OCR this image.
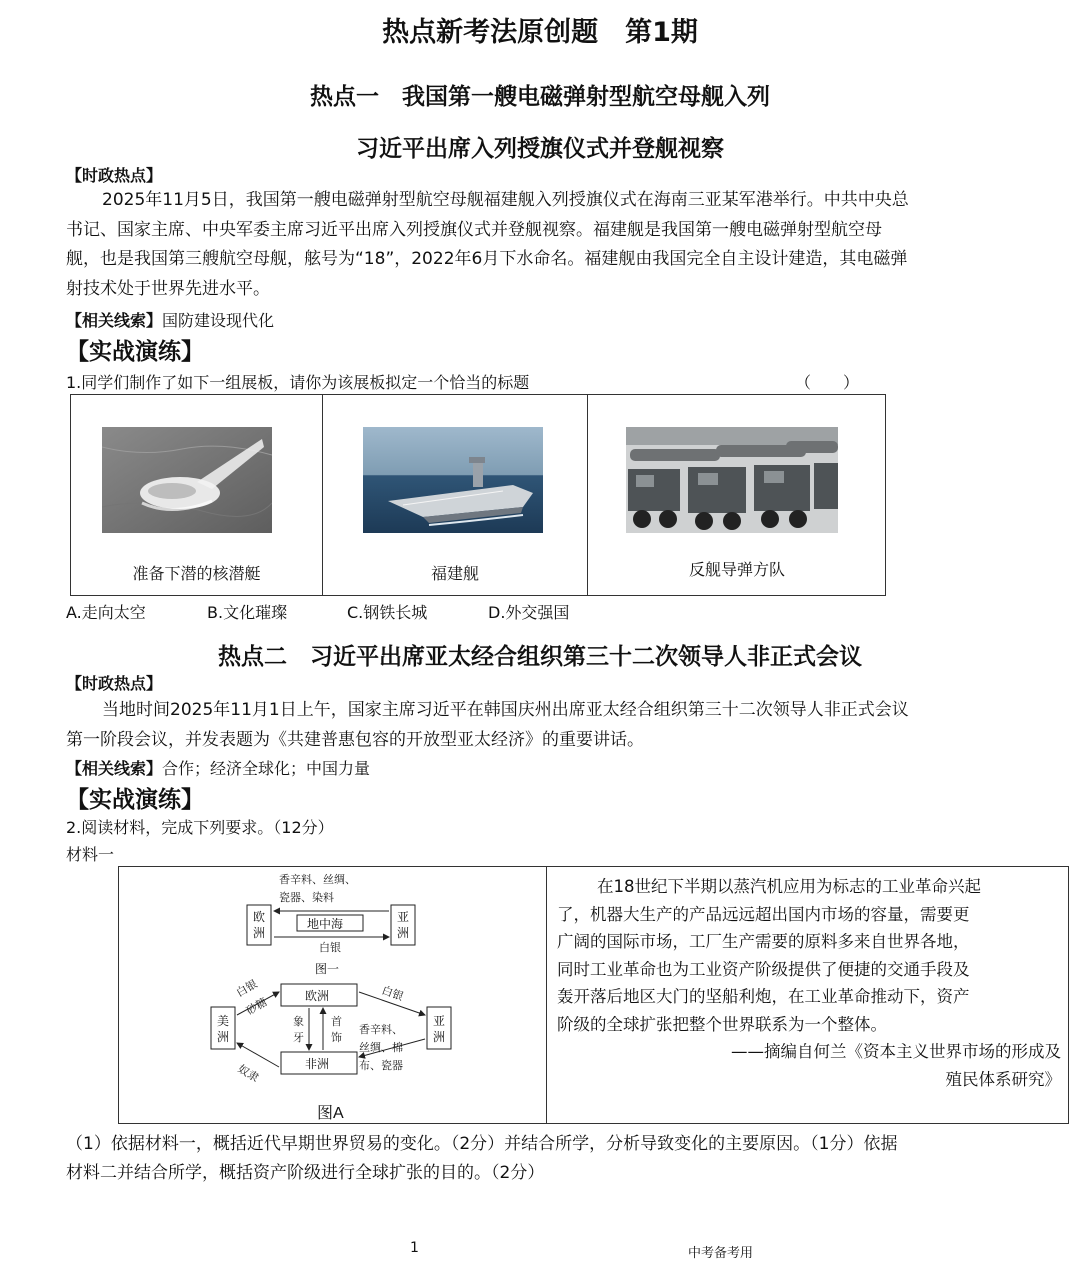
热点新考法原创题　第1期
热点一　我国第一艘电磁弹射型航空母舰入列
习近平出席入列授旗仪式并登舰视察
【时政热点】
2025年11月5日，我国第一艘电磁弹射型航空母舰福建舰入列授旗仪式在海南三亚某军港举行。中共中央总
书记、国家主席、中央军委主席习近平出席入列授旗仪式并登舰视察。福建舰是我国第一艘电磁弹射型航空母
舰，也是我国第三艘航空母舰，舷号为“18”，2022年6月下水命名。福建舰由我国完全自主设计建造，其电磁弹
射技术处于世界先进水平。
【相关线索】国防建设现代化
【实战演练】
1.同学们制作了如下一组展板，请你为该展板拟定一个恰当的标题	（　　）
准备下潜的核潜艇	福建舰	反舰导弹方队
A.走向太空	B.文化璀璨	C.钢铁长城	D.外交强国
热点二　习近平出席亚太经合组织第三十二次领导人非正式会议
【时政热点】
当地时间2025年11月1日上午，国家主席习近平在韩国庆州出席亚太经合组织第三十二次领导人非正式会议
第一阶段会议，并发表题为《共建普惠包容的开放型亚太经济》的重要讲话。
【相关线索】合作；经济全球化；中国力量
【实战演练】
2.阅读材料，完成下列要求。（12分）
材料一
香辛料、丝绸、
瓷器、染料
欧
洲
亚
洲
地中海
白银
图一
欧洲
非洲
美
洲
亚
洲
白银
砂糖
白银
奴隶
象
牙
首
饰
香辛料、
丝绸、棉
布、瓷器
图A
在18世纪下半期以蒸汽机应用为标志的工业革命兴起
了，机器大生产的产品远远超出国内市场的容量，需要更
广阔的国际市场，工厂生产需要的原料多来自世界各地，
同时工业革命也为工业资产阶级提供了便捷的交通手段及
轰开落后地区大门的坚船利炮，在工业革命推动下，资产
阶级的全球扩张把整个世界联系为一个整体。
——摘编自何兰《资本主义世界市场的形成及
殖民体系研究》
（1）依据材料一，概括近代早期世界贸易的变化。（2分）并结合所学，分析导致变化的主要原因。（1分）依据
材料二并结合所学，概括资产阶级进行全球扩张的目的。（2分）
1	中考备考用
